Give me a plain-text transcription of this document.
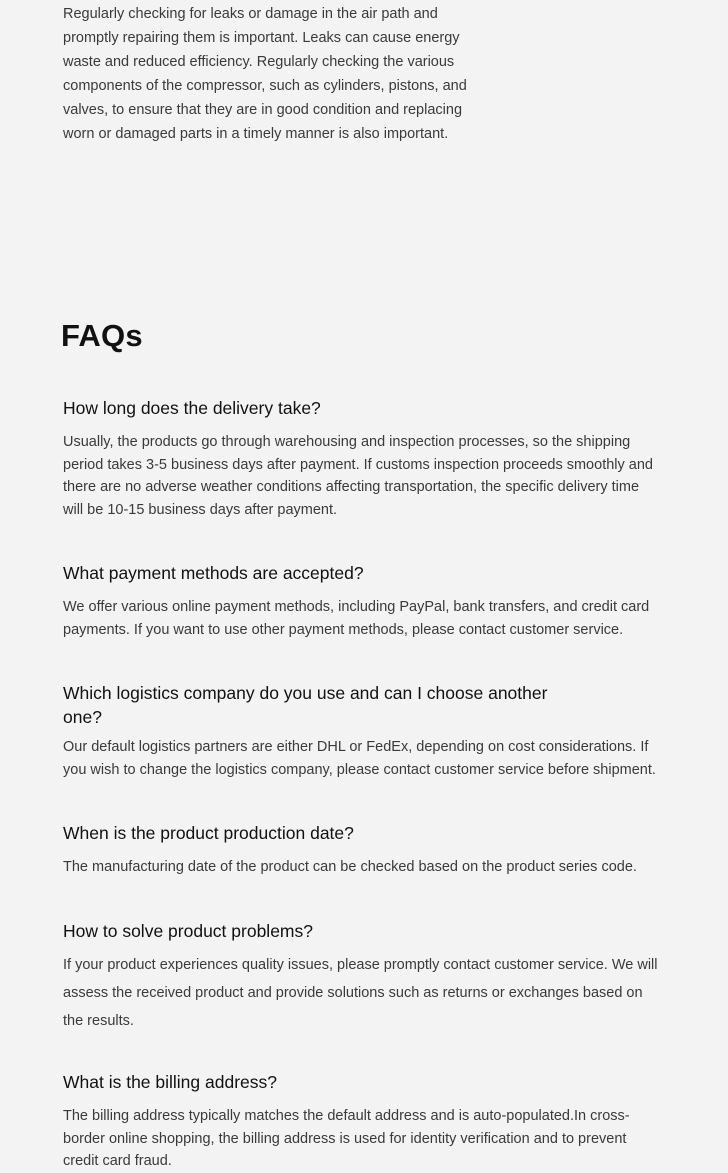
Regularly checking for leaks or damage in the air path and promptly repairing them is important. Leaks can cause energy waste and reduced efficiency. Regularly checking the various components of the compressor, such as cylinders, pistons, and valves, to ensure that they are in good condition and replacing worn or damaged parts in a timely manner is also important.

FAQs
How long does the delivery take?

Usually, the products go through warehousing and inspection processes, so the shipping period takes 3-5 business days after payment. If customs inspection proceeds smoothly and there are no adverse weather conditions affecting transportation, the specific delivery time will be 10-15 business days after payment.

What payment methods are accepted?

We offer various online payment methods, including PayPal, bank transfers, and credit card payments. If you want to use other payment methods, please contact customer service.

Which logistics company do you use and can I choose another one?

Our default logistics partners are either DHL or FedEx, depending on cost considerations. If you wish to change the logistics company, please contact customer service before shipment.

When is the product production date?

The manufacturing date of the product can be checked based on the product series code.

How to solve product problems?

If your product experiences quality issues, please promptly contact customer service. We will assess the received product and provide solutions such as returns or exchanges based on the results.

What is the billing address?

The billing address typically matches the default address and is auto-populated.In cross-border online shopping, the billing address is used for identity verification and to prevent credit card fraud.
